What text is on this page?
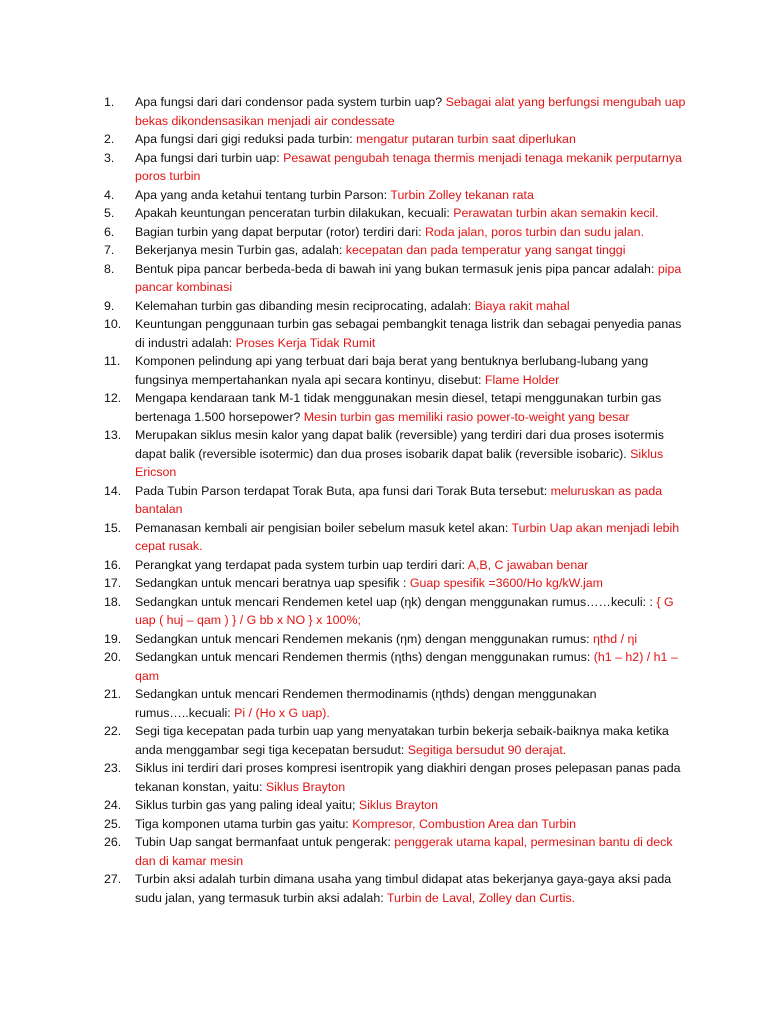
1.	Apa fungsi dari dari condensor pada system turbin uap? Sebagai alat yang berfungsi mengubah uap bekas dikondensasikan menjadi air condessate
2.	Apa fungsi dari gigi reduksi pada turbin: mengatur putaran turbin saat diperlukan
3.	Apa fungsi dari turbin uap: Pesawat pengubah tenaga thermis menjadi tenaga mekanik perputarnya poros turbin
4.	Apa yang anda ketahui tentang turbin Parson: Turbin Zolley tekanan rata
5.	Apakah keuntungan penceratan turbin dilakukan, kecuali: Perawatan turbin akan semakin kecil.
6.	Bagian turbin yang dapat berputar (rotor) terdiri dari: Roda jalan, poros turbin dan sudu jalan.
7.	Bekerjanya mesin Turbin gas, adalah: kecepatan dan pada temperatur yang sangat tinggi
8.	Bentuk pipa pancar berbeda-beda di bawah ini yang bukan termasuk jenis pipa pancar adalah: pipa pancar kombinasi
9.	Kelemahan turbin gas dibanding mesin reciprocating, adalah: Biaya rakit mahal
10.	Keuntungan penggunaan turbin gas sebagai pembangkit tenaga listrik dan sebagai penyedia panas di industri adalah: Proses Kerja Tidak Rumit
11.	Komponen pelindung api yang terbuat dari baja berat yang bentuknya berlubang-lubang yang fungsinya mempertahankan nyala api secara kontinyu, disebut: Flame Holder
12.	Mengapa kendaraan tank M-1 tidak menggunakan mesin diesel, tetapi menggunakan turbin gas bertenaga 1.500 horsepower? Mesin turbin gas memiliki rasio power-to-weight yang besar
13.	Merupakan siklus mesin kalor yang dapat balik (reversible) yang terdiri dari dua proses isotermis dapat balik (reversible isotermic) dan dua proses isobarik dapat balik (reversible isobaric). Siklus Ericson
14.	Pada Tubin Parson terdapat Torak Buta, apa funsi dari Torak Buta tersebut: meluruskan as pada bantalan
15.	Pemanasan kembali air pengisian boiler sebelum masuk ketel akan: Turbin Uap akan menjadi lebih cepat rusak.
16.	Perangkat yang terdapat pada system turbin uap terdiri dari: A,B, C jawaban benar
17.	Sedangkan untuk mencari beratnya uap spesifik : Guap spesifik =3600/Ho kg/kW.jam
18.	Sedangkan untuk mencari Rendemen ketel uap (ηk) dengan menggunakan rumus……keculi: : { G uap ( huj – qam ) } / G bb x NO } x 100%;
19.	Sedangkan untuk mencari Rendemen mekanis (ηm) dengan menggunakan rumus: ηthd / ηi
20.	Sedangkan untuk mencari Rendemen thermis (ηths) dengan menggunakan rumus: (h1 – h2) / h1 – qam
21.	Sedangkan untuk mencari Rendemen thermodinamis (ηthds) dengan menggunakan rumus…..kecuali: Pi / (Ho x G uap).
22.	Segi tiga kecepatan pada turbin uap yang menyatakan turbin bekerja sebaik-baiknya maka ketika anda menggambar segi tiga kecepatan bersudut: Segitiga bersudut 90 derajat.
23.	Siklus ini terdiri dari proses kompresi isentropik yang diakhiri dengan proses pelepasan panas pada tekanan konstan, yaitu: Siklus Brayton
24.	Siklus turbin gas yang paling ideal yaitu; Siklus Brayton
25.	Tiga komponen utama turbin gas yaitu: Kompresor, Combustion Area dan Turbin
26.	Tubin Uap sangat bermanfaat untuk pengerak: penggerak utama kapal, permesinan bantu di deck dan di kamar mesin
27.	Turbin aksi adalah turbin dimana usaha yang timbul didapat atas bekerjanya gaya-gaya aksi pada sudu jalan, yang termasuk turbin aksi adalah: Turbin de Laval, Zolley dan Curtis.
